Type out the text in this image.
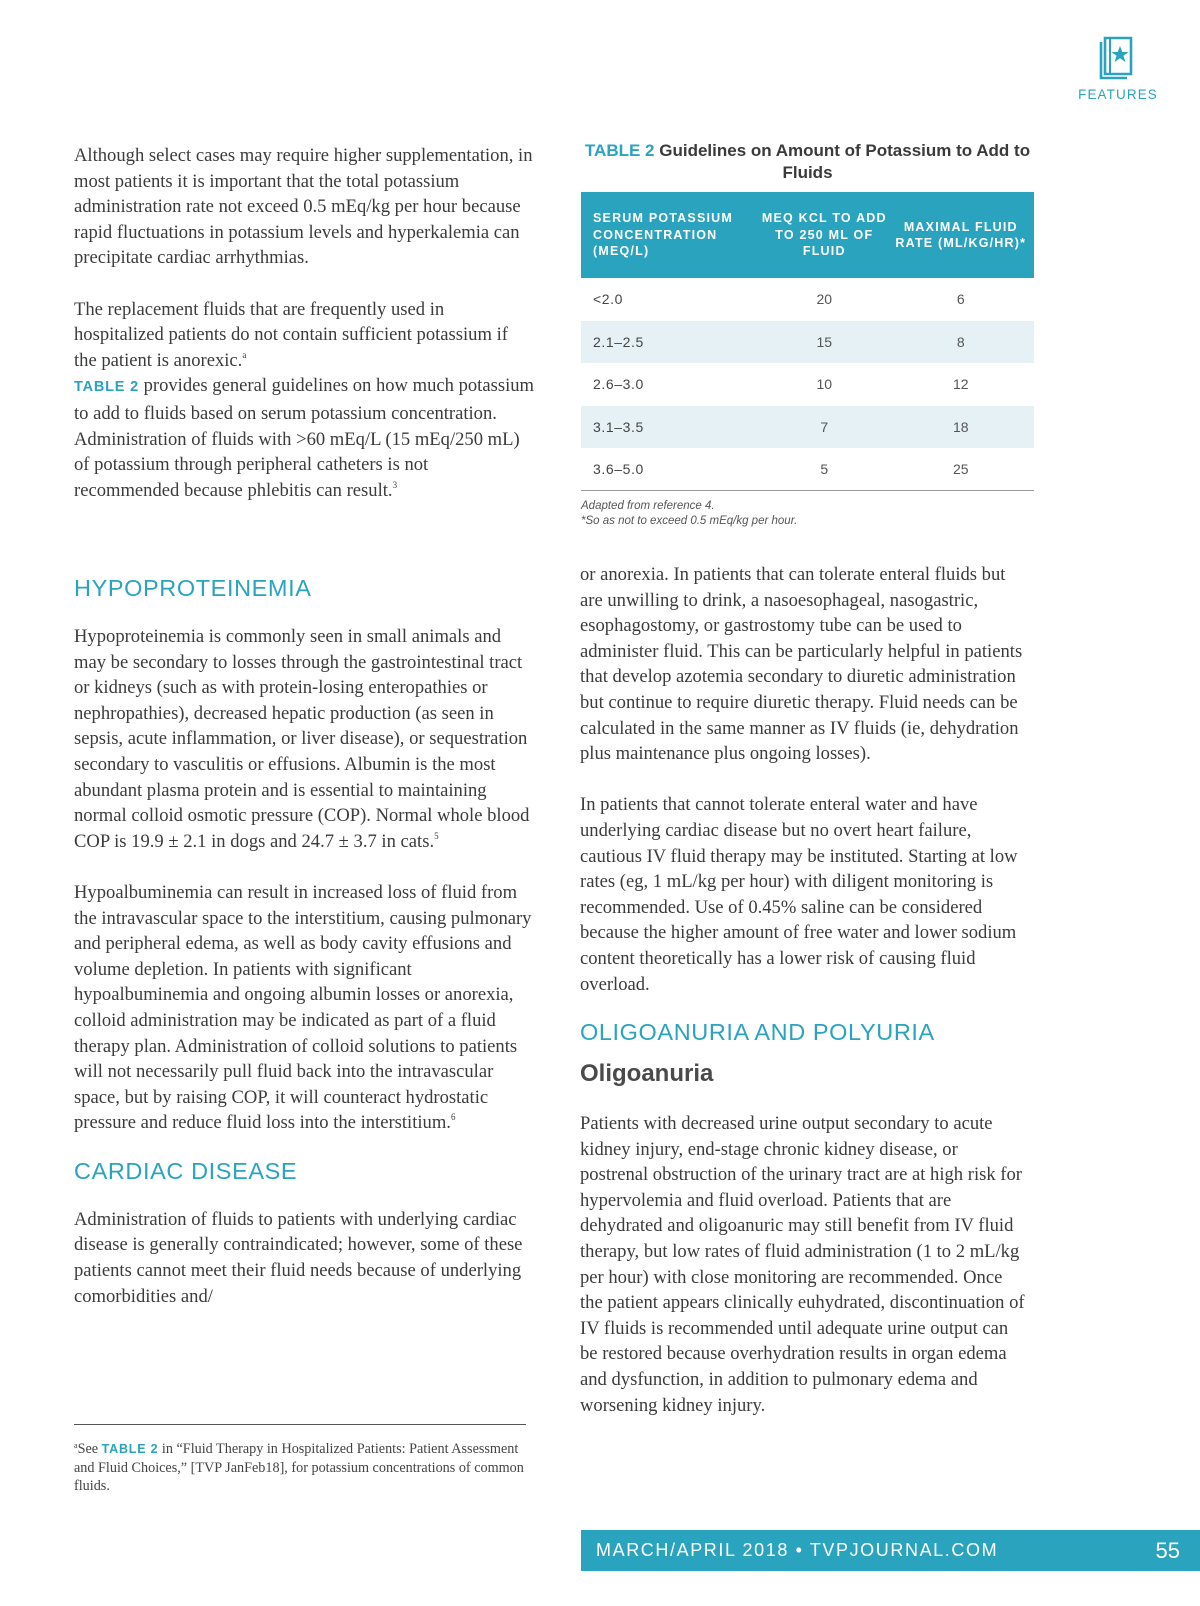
FEATURES

Although select cases may require higher supplementation, in most patients it is important that the total potassium administration rate not exceed 0.5 mEq/kg per hour because rapid fluctuations in potassium levels and hyperkalemia can precipitate cardiac arrhythmias.

The replacement fluids that are frequently used in hospitalized patients do not contain sufficient potassium if the patient is anorexic.$^a$
TABLE 2 provides general guidelines on how much potassium to add to fluids based on serum potassium concentration. Administration of fluids with >60 mEq/L (15 mEq/250 mL) of potassium through peripheral catheters is not recommended because phlebitis can result.$^3$

TABLE 2 Guidelines on Amount of Potassium to Add to Fluids
SERUM POTASSIUM CONCENTRATION (MEQ/L)	MEQ KCL TO ADD TO 250 ML OF FLUID	MAXIMAL FLUID RATE (ML/KG/HR)*
<2.0	20	6
2.1–2.5	15	8
2.6–3.0	10	12
3.1–3.5	7	18
3.6–5.0	5	25
Adapted from reference 4.
*So as not to exceed 0.5 mEq/kg per hour.
HYPOPROTEINEMIA

Hypoproteinemia is commonly seen in small animals and may be secondary to losses through the gastrointestinal tract or kidneys (such as with protein-losing enteropathies or nephropathies), decreased hepatic production (as seen in sepsis, acute inflammation, or liver disease), or sequestration secondary to vasculitis or effusions. Albumin is the most abundant plasma protein and is essential to maintaining normal colloid osmotic pressure (COP). Normal whole blood COP is 19.9 ± 2.1 in dogs and 24.7 ± 3.7 in cats.$^5$

Hypoalbuminemia can result in increased loss of fluid from the intravascular space to the interstitium, causing pulmonary and peripheral edema, as well as body cavity effusions and volume depletion. In patients with significant hypoalbuminemia and ongoing albumin losses or anorexia, colloid administration may be indicated as part of a fluid therapy plan. Administration of colloid solutions to patients will not necessarily pull fluid back into the intravascular space, but by raising COP, it will counteract hydrostatic pressure and reduce fluid loss into the interstitium.$^6$

CARDIAC DISEASE

Administration of fluids to patients with underlying cardiac disease is generally contraindicated; however, some of these patients cannot meet their fluid needs because of underlying comorbidities and/

or anorexia. In patients that can tolerate enteral fluids but are unwilling to drink, a nasoesophageal, nasogastric, esophagostomy, or gastrostomy tube can be used to administer fluid. This can be particularly helpful in patients that develop azotemia secondary to diuretic administration but continue to require diuretic therapy. Fluid needs can be calculated in the same manner as IV fluids (ie, dehydration plus maintenance plus ongoing losses).

In patients that cannot tolerate enteral water and have underlying cardiac disease but no overt heart failure, cautious IV fluid therapy may be instituted. Starting at low rates (eg, 1 mL/kg per hour) with diligent monitoring is recommended. Use of 0.45% saline can be considered because the higher amount of free water and lower sodium content theoretically has a lower risk of causing fluid overload.

OLIGOANURIA AND POLYURIA
Oligoanuria

Patients with decreased urine output secondary to acute kidney injury, end-stage chronic kidney disease, or postrenal obstruction of the urinary tract are at high risk for hypervolemia and fluid overload. Patients that are dehydrated and oligoanuric may still benefit from IV fluid therapy, but low rates of fluid administration (1 to 2 mL/kg per hour) with close monitoring are recommended. Once the patient appears clinically euhydrated, discontinuation of IV fluids is recommended until adequate urine output can be restored because overhydration results in organ edema and dysfunction, in addition to pulmonary edema and worsening kidney injury.

$^a$See TABLE 2 in “Fluid Therapy in Hospitalized Patients: Patient Assessment and Fluid Choices,” [TVP JanFeb18], for potassium concentrations of common fluids.
MARCH/APRIL 2018 • TVPJOURNAL.COM	55
